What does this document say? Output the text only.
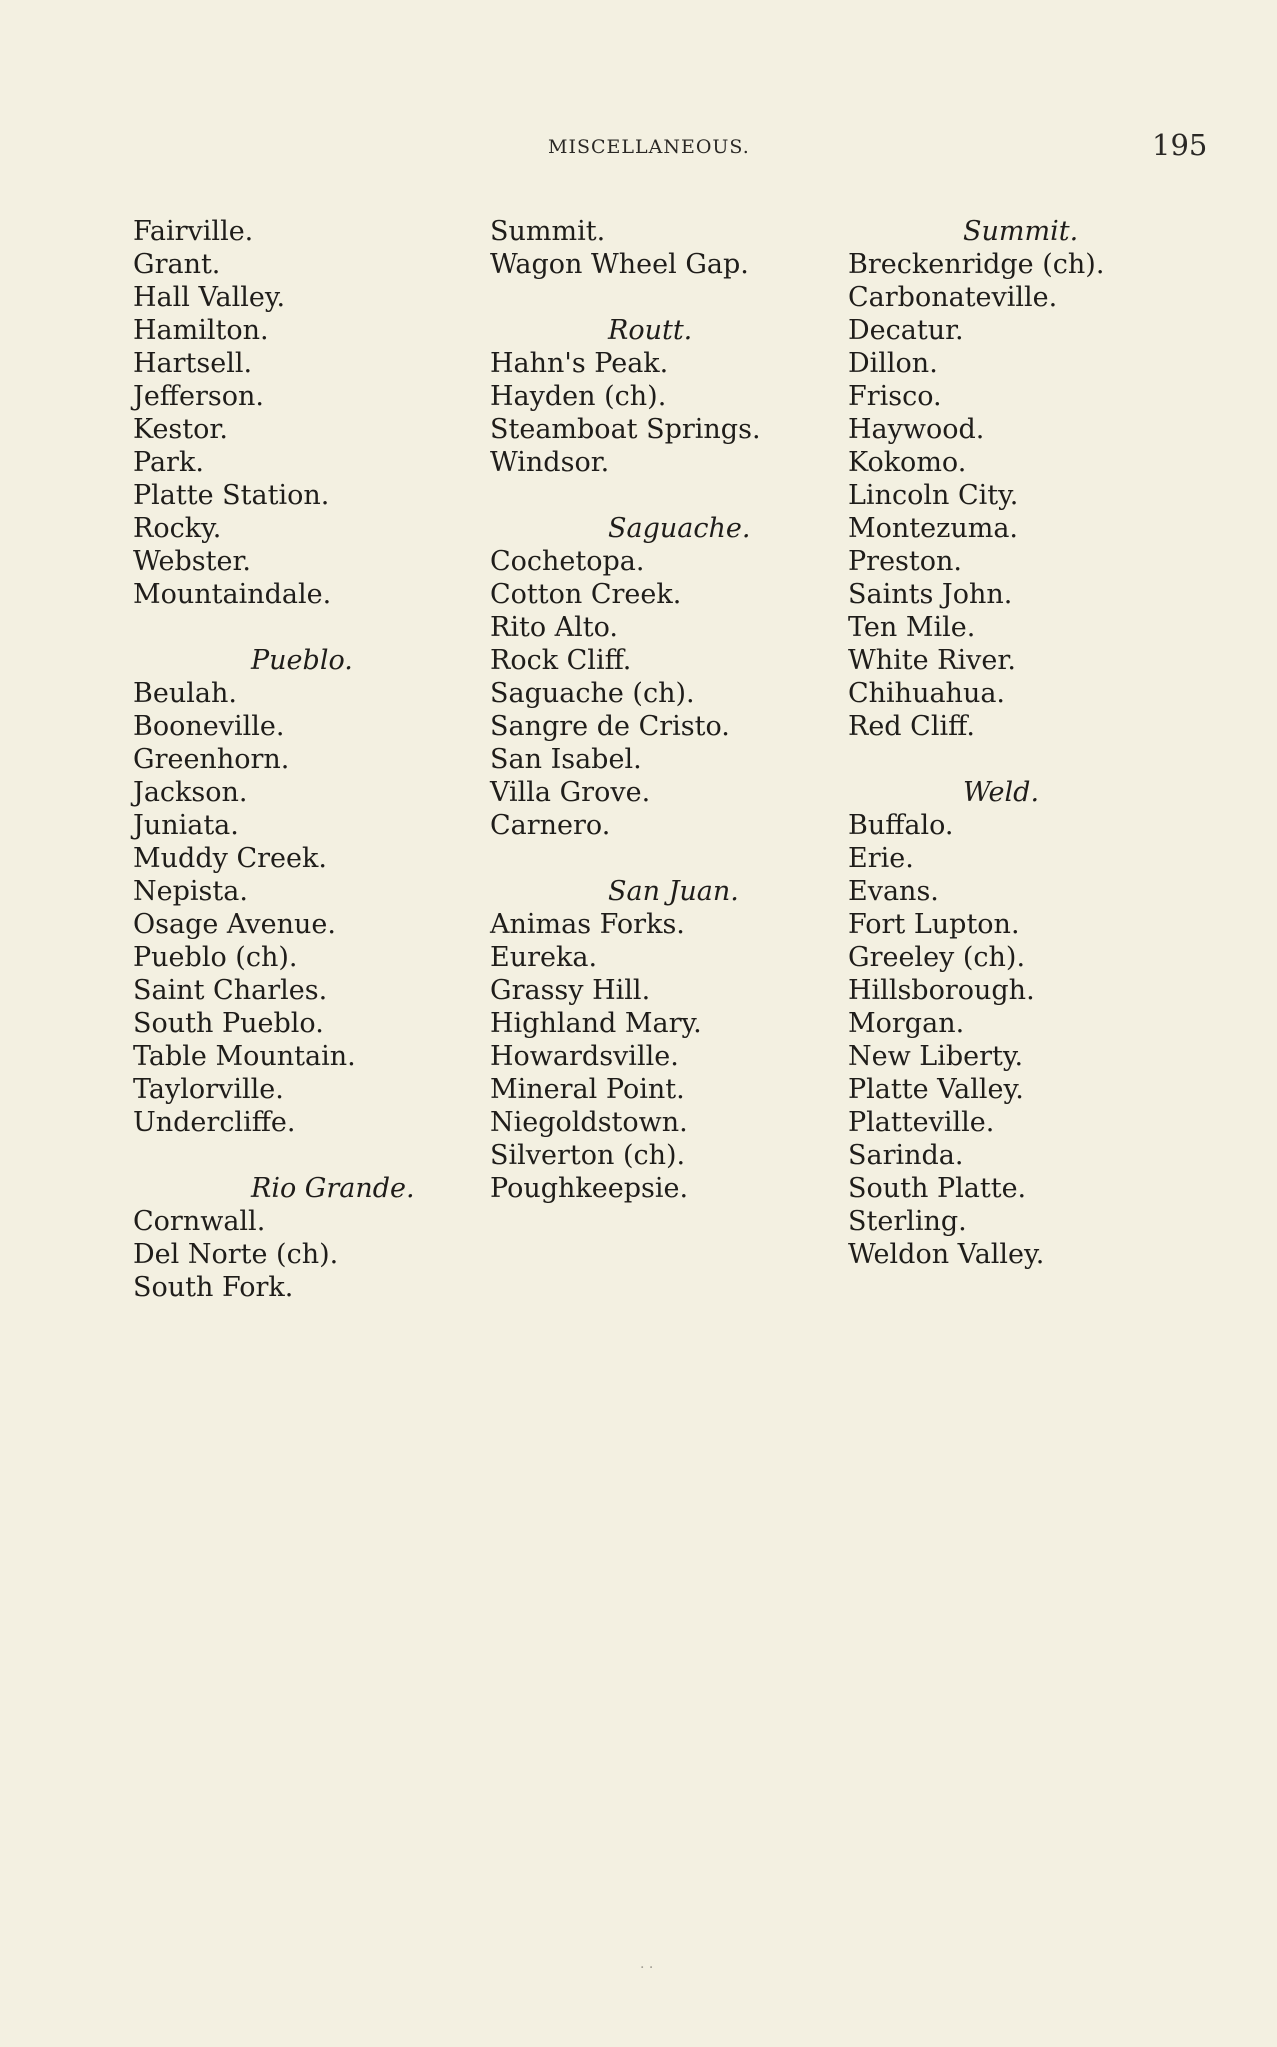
MISCELLANEOUS.	195
Fairville.
Grant.
Hall Valley.
Hamilton.
Hartsell.
Jefferson.
Kestor.
Park.
Platte Station.
Rocky.
Webster.
Mountaindale.
Pueblo.
Beulah.
Booneville.
Greenhorn.
Jackson.
Juniata.
Muddy Creek.
Nepista.
Osage Avenue.
Pueblo (ch).
Saint Charles.
South Pueblo.
Table Mountain.
Taylorville.
Undercliffe.
Rio Grande.
Cornwall.
Del Norte (ch).
South Fork.
Summit.
Wagon Wheel Gap.
Routt.
Hahn's Peak.
Hayden (ch).
Steamboat Springs.
Windsor.
Saguache.
Cochetopa.
Cotton Creek.
Rito Alto.
Rock Cliff.
Saguache (ch).
Sangre de Cristo.
San Isabel.
Villa Grove.
Carnero.
San Juan.
Animas Forks.
Eureka.
Grassy Hill.
Highland Mary.
Howardsville.
Mineral Point.
Niegoldstown.
Silverton (ch).
Poughkeepsie.
Summit.
Breckenridge (ch).
Carbonateville.
Decatur.
Dillon.
Frisco.
Haywood.
Kokomo.
Lincoln City.
Montezuma.
Preston.
Saints John.
Ten Mile.
White River.
Chihuahua.
Red Cliff.
Weld.
Buffalo.
Erie.
Evans.
Fort Lupton.
Greeley (ch).
Hillsborough.
Morgan.
New Liberty.
Platte Valley.
Platteville.
Sarinda.
South Platte.
Sterling.
Weldon Valley.
· ·
